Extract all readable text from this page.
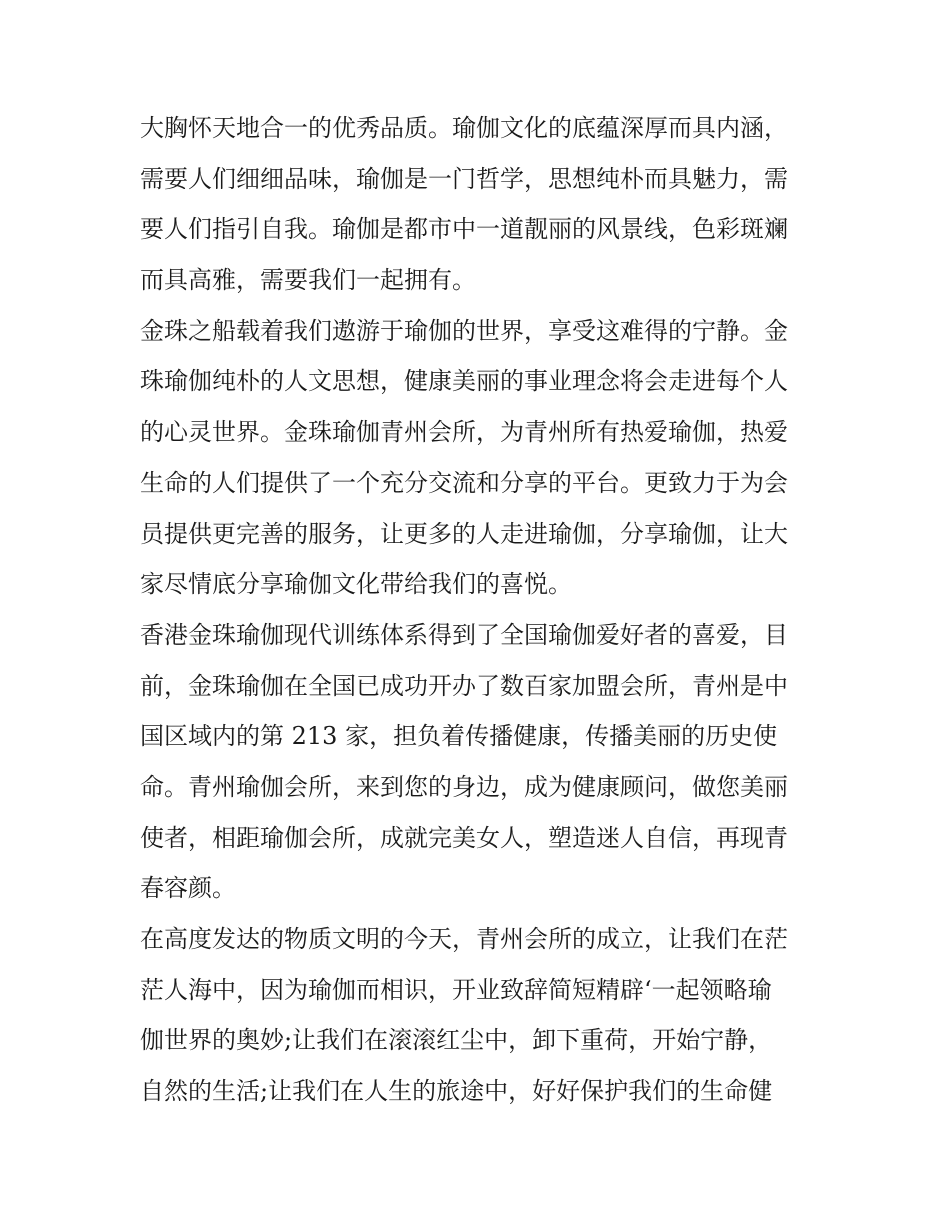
大胸怀天地合一的优秀品质。瑜伽文化的底蕴深厚而具内涵，
需要人们细细品味，瑜伽是一门哲学，思想纯朴而具魅力，需
要人们指引自我。瑜伽是都市中一道靓丽的风景线，色彩斑斓
而具高雅，需要我们一起拥有。
金珠之船载着我们遨游于瑜伽的世界，享受这难得的宁静。金
珠瑜伽纯朴的人文思想，健康美丽的事业理念将会走进每个人
的心灵世界。金珠瑜伽青州会所，为青州所有热爱瑜伽，热爱
生命的人们提供了一个充分交流和分享的平台。更致力于为会
员提供更完善的服务，让更多的人走进瑜伽，分享瑜伽，让大
家尽情底分享瑜伽文化带给我们的喜悦。
香港金珠瑜伽现代训练体系得到了全国瑜伽爱好者的喜爱，目
前，金珠瑜伽在全国已成功开办了数百家加盟会所，青州是中
国区域内的第 213 家，担负着传播健康，传播美丽的历史使
命。青州瑜伽会所，来到您的身边，成为健康顾问，做您美丽
使者，相距瑜伽会所，成就完美女人，塑造迷人自信，再现青
春容颜。
在高度发达的物质文明的今天，青州会所的成立，让我们在茫
茫人海中，因为瑜伽而相识，开业致辞简短精辟‘一起领略瑜
伽世界的奥妙;让我们在滚滚红尘中，卸下重荷，开始宁静，
自然的生活;让我们在人生的旅途中，好好保护我们的生命健
